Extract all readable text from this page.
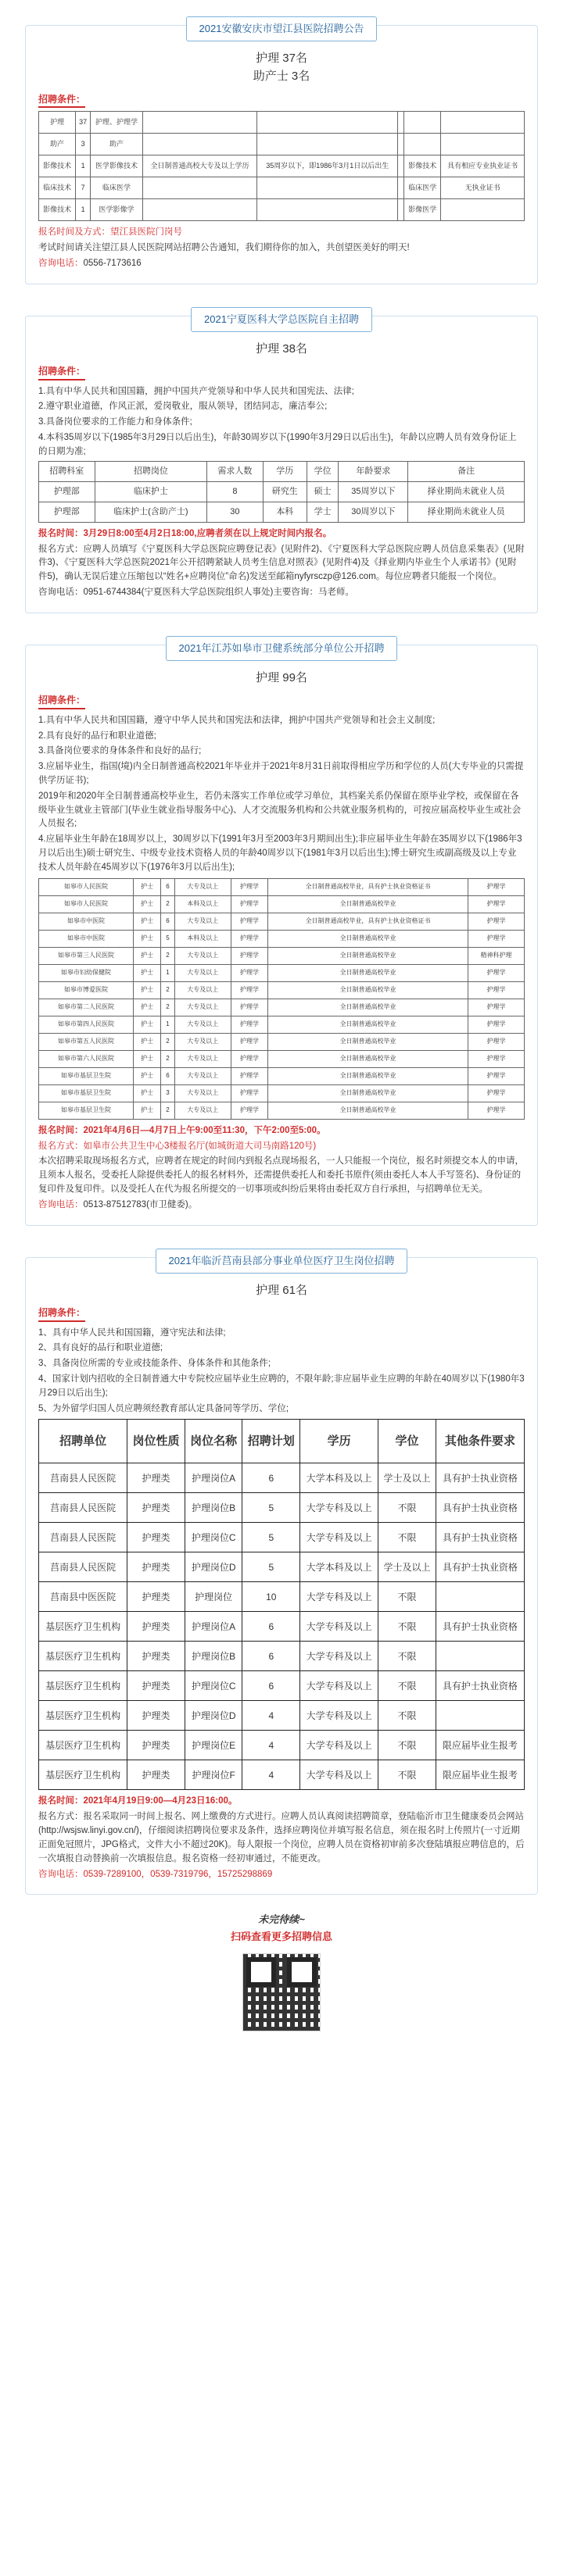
2021安徽安庆市望江县医院招聘公告
护理 37名
助产士 3名
招聘条件：
护理	37	护理、护理学					
助产	3	助产					
影像技术	1	医学影像技术	全日制普通高校大专及以上学历	35周岁以下，即1986年3月1日以后出生		影像技术	具有相应专业执业证书
临床技术	7	临床医学				临床医学	无执业证书
影像技术	1	医学影像学				影像医学	
报名时间及方式：望江县医院门岗号
考试时间请关注望江县人民医院网站招聘公告通知，我们期待你的加入，共创望医美好的明天!
咨询电话：0556-7173616
2021宁夏医科大学总医院自主招聘
护理 38名
招聘条件：
1.具有中华人民共和国国籍，拥护中国共产党领导和中华人民共和国宪法、法律;
2.遵守职业道德，作风正派，爱岗敬业，服从领导，团结同志，廉洁奉公;
3.具备岗位要求的工作能力和身体条件;
4.本科35周岁以下(1985年3月29日以后出生)，年龄30周岁以下(1990年3月29日以后出生)，年龄以应聘人员有效身份证上的日期为准;
招聘科室	招聘岗位	需求人数	学历	学位	年龄要求	备注
护理部	临床护士	8	研究生	硕士	35周岁以下	择业期尚未就业人员
护理部	临床护士(含助产士)	30	本科	学士	30周岁以下	择业期尚未就业人员
报名时间：3月29日8:00至4月2日18:00,应聘者须在以上规定时间内报名。
报名方式：应聘人员填写《宁夏医科大学总医院应聘登记表》(见附件2)、《宁夏医科大学总医院应聘人员信息采集表》(见附件3)、《宁夏医科大学总医院2021年公开招聘紧缺人员考生信息对照表》(见附件4)及《择业期内毕业生个人承诺书》(见附件5)，确认无误后建立压缩包以“姓名+应聘岗位”命名)发送至邮箱nyfyrsczp@126.com。每位应聘者只能报一个岗位。
咨询电话：0951-6744384(宁夏医科大学总医院组织人事处)主要咨询：马老师。
2021年江苏如皋市卫健系统部分单位公开招聘
护理 99名
招聘条件：
1.具有中华人民共和国国籍，遵守中华人民共和国宪法和法律，拥护中国共产党领导和社会主义制度;
2.具有良好的品行和职业道德;
3.具备岗位要求的身体条件和良好的品行;
3.应届毕业生，指国(境)内全日制普通高校2021年毕业并于2021年8月31日前取得相应学历和学位的人员(大专毕业的只需提供学历证书);
2019年和2020年全日制普通高校毕业生，若仍未落实工作单位或学习单位，其档案关系仍保留在原毕业学校，或保留在各级毕业生就业主管部门(毕业生就业指导服务中心)、人才交流服务机构和公共就业服务机构的，可按应届高校毕业生或社会人员报名;
4.应届毕业生年龄在18周岁以上，30周岁以下(1991年3月至2003年3月期间出生);非应届毕业生年龄在35周岁以下(1986年3月以后出生)硕士研究生、中级专业技术资格人员的年龄40周岁以下(1981年3月以后出生);博士研究生或副高级及以上专业技术人员年龄在45周岁以下(1976年3月以后出生);
如皋市人民医院	护士	6	大专及以上	护理学	全日制普通高校毕业，具有护士执业资格证书	护理学
如皋市人民医院	护士	2	本科及以上	护理学	全日制普通高校毕业	护理学
如皋市中医院	护士	6	大专及以上	护理学	全日制普通高校毕业，具有护士执业资格证书	护理学
如皋市中医院	护士	5	本科及以上	护理学	全日制普通高校毕业	护理学
如皋市第三人民医院	护士	2	大专及以上	护理学	全日制普通高校毕业	精神科护理
如皋市妇幼保健院	护士	1	大专及以上	护理学	全日制普通高校毕业	护理学
如皋市博爱医院	护士	2	大专及以上	护理学	全日制普通高校毕业	护理学
如皋市第二人民医院	护士	2	大专及以上	护理学	全日制普通高校毕业	护理学
如皋市第四人民医院	护士	1	大专及以上	护理学	全日制普通高校毕业	护理学
如皋市第五人民医院	护士	2	大专及以上	护理学	全日制普通高校毕业	护理学
如皋市第六人民医院	护士	2	大专及以上	护理学	全日制普通高校毕业	护理学
如皋市基层卫生院	护士	6	大专及以上	护理学	全日制普通高校毕业	护理学
如皋市基层卫生院	护士	3	大专及以上	护理学	全日制普通高校毕业	护理学
如皋市基层卫生院	护士	2	大专及以上	护理学	全日制普通高校毕业	护理学
报名时间：2021年4月6日—4月7日上午9:00至11:30，下午2:00至5:00。
报名方式：如皋市公共卫生中心3楼报名厅(如城街道大司马南路120号)
本次招聘采取现场报名方式，应聘者在规定的时间内到报名点现场报名，一人只能报一个岗位，报名时须提交本人的申请，且须本人报名，受委托人除提供委托人的报名材料外，还需提供委托人和委托书原件(须由委托人本人手写签名)、身份证的复印件及复印件。以及受托人在代为报名所提交的一切事项或纠纷后果将由委托双方自行承担，与招聘单位无关。
咨询电话：0513-87512783(市卫健委)。
2021年临沂莒南县部分事业单位医疗卫生岗位招聘
护理 61名
招聘条件：
1、具有中华人民共和国国籍，遵守宪法和法律;
2、具有良好的品行和职业道德;
3、具备岗位所需的专业或技能条件、身体条件和其他条件;
4、国家计划内招收的全日制普通大中专院校应届毕业生应聘的，不限年龄;非应届毕业生应聘的年龄在40周岁以下(1980年3月29日以后出生);
5、为外留学归国人员应聘须经教育部认定具备同等学历、学位;
招聘单位	岗位性质	岗位名称	招聘计划	学历	学位	其他条件要求
莒南县人民医院	护理类	护理岗位A	6	大学本科及以上	学士及以上	具有护士执业资格
莒南县人民医院	护理类	护理岗位B	5	大学专科及以上	不限	具有护士执业资格
莒南县人民医院	护理类	护理岗位C	5	大学专科及以上	不限	具有护士执业资格
莒南县人民医院	护理类	护理岗位D	5	大学本科及以上	学士及以上	具有护士执业资格
莒南县中医医院	护理类	护理岗位	10	大学专科及以上	不限	
基层医疗卫生机构	护理类	护理岗位A	6	大学专科及以上	不限	具有护士执业资格
基层医疗卫生机构	护理类	护理岗位B	6	大学专科及以上	不限	
基层医疗卫生机构	护理类	护理岗位C	6	大学专科及以上	不限	具有护士执业资格
基层医疗卫生机构	护理类	护理岗位D	4	大学专科及以上	不限	
基层医疗卫生机构	护理类	护理岗位E	4	大学专科及以上	不限	限应届毕业生报考
基层医疗卫生机构	护理类	护理岗位F	4	大学专科及以上	不限	限应届毕业生报考
报名时间：2021年4月19日9:00—4月23日16:00。
报名方式：报名采取同一时间上报名、网上缴费的方式进行。应聘人员认真阅读招聘简章，登陆临沂市卫生健康委员会网站(http://wsjsw.linyi.gov.cn/)，仔细阅读招聘岗位要求及条件，选择应聘岗位并填写报名信息，须在报名时上传照片(一寸近期正面免冠照片，JPG格式，文件大小不超过20K)。每人限报一个岗位，应聘人员在资格初审前多次登陆填报应聘信息的，后一次填报自动替换前一次填报信息。报名资格一经初审通过，不能更改。
咨询电话：0539-7289100，0539-7319796，15725298869
未完待续~
扫码查看更多招聘信息
